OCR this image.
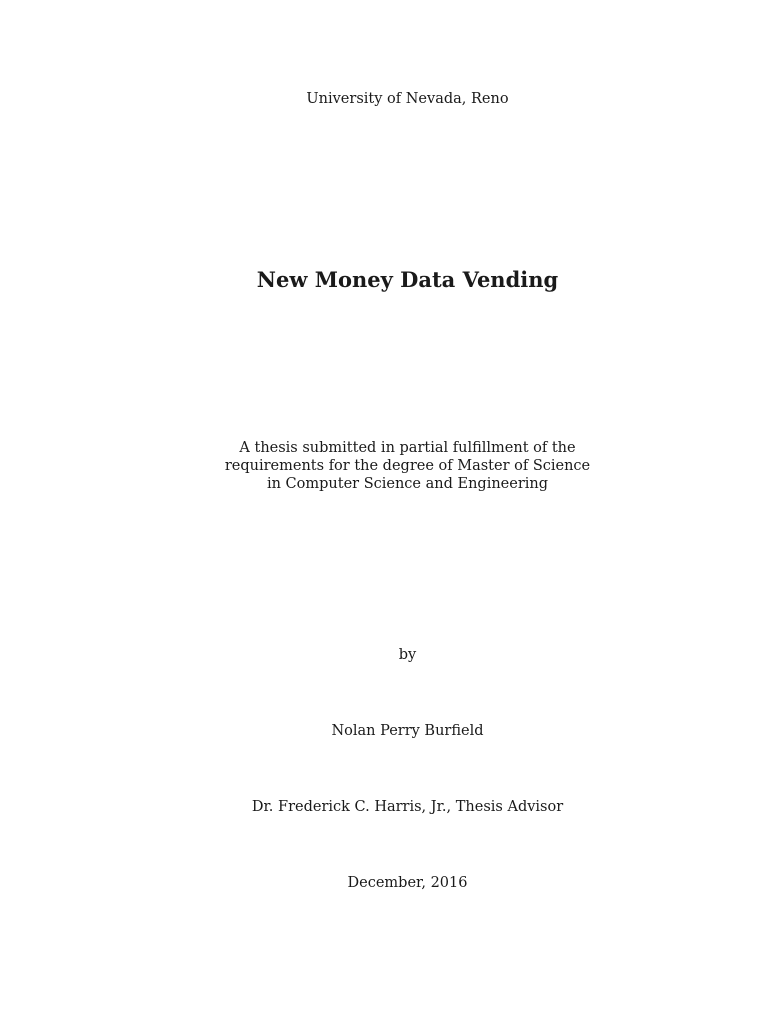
University of Nevada, Reno
New Money Data Vending
A thesis submitted in partial fulfillment of the
requirements for the degree of Master of Science
in Computer Science and Engineering
by
Nolan Perry Burfield
Dr. Frederick C. Harris, Jr., Thesis Advisor
December, 2016
